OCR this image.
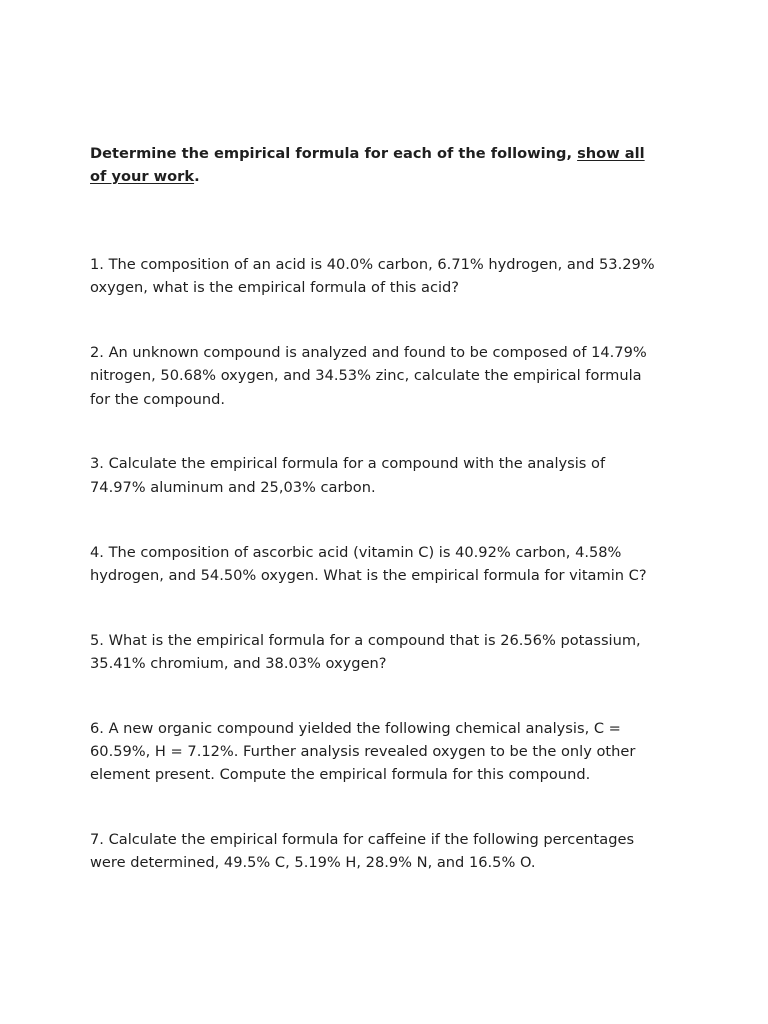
Determine the empirical formula for each of the following, show all
of your work.

1. The composition of an acid is 40.0% carbon, 6.71% hydrogen, and 53.29%
oxygen, what is the empirical formula of this acid?

2. An unknown compound is analyzed and found to be composed of 14.79%
nitrogen, 50.68% oxygen, and 34.53% zinc, calculate the empirical formula
for the compound.

3. Calculate the empirical formula for a compound with the analysis of
74.97% aluminum and 25,03% carbon.

4. The composition of ascorbic acid (vitamin C) is 40.92% carbon, 4.58%
hydrogen, and 54.50% oxygen. What is the empirical formula for vitamin C?

5. What is the empirical formula for a compound that is 26.56% potassium,
35.41% chromium, and 38.03% oxygen?

6. A new organic compound yielded the following chemical analysis, C =
60.59%, H = 7.12%. Further analysis revealed oxygen to be the only other
element present. Compute the empirical formula for this compound.

7. Calculate the empirical formula for caffeine if the following percentages
were determined, 49.5% C, 5.19% H, 28.9% N, and 16.5% O.
